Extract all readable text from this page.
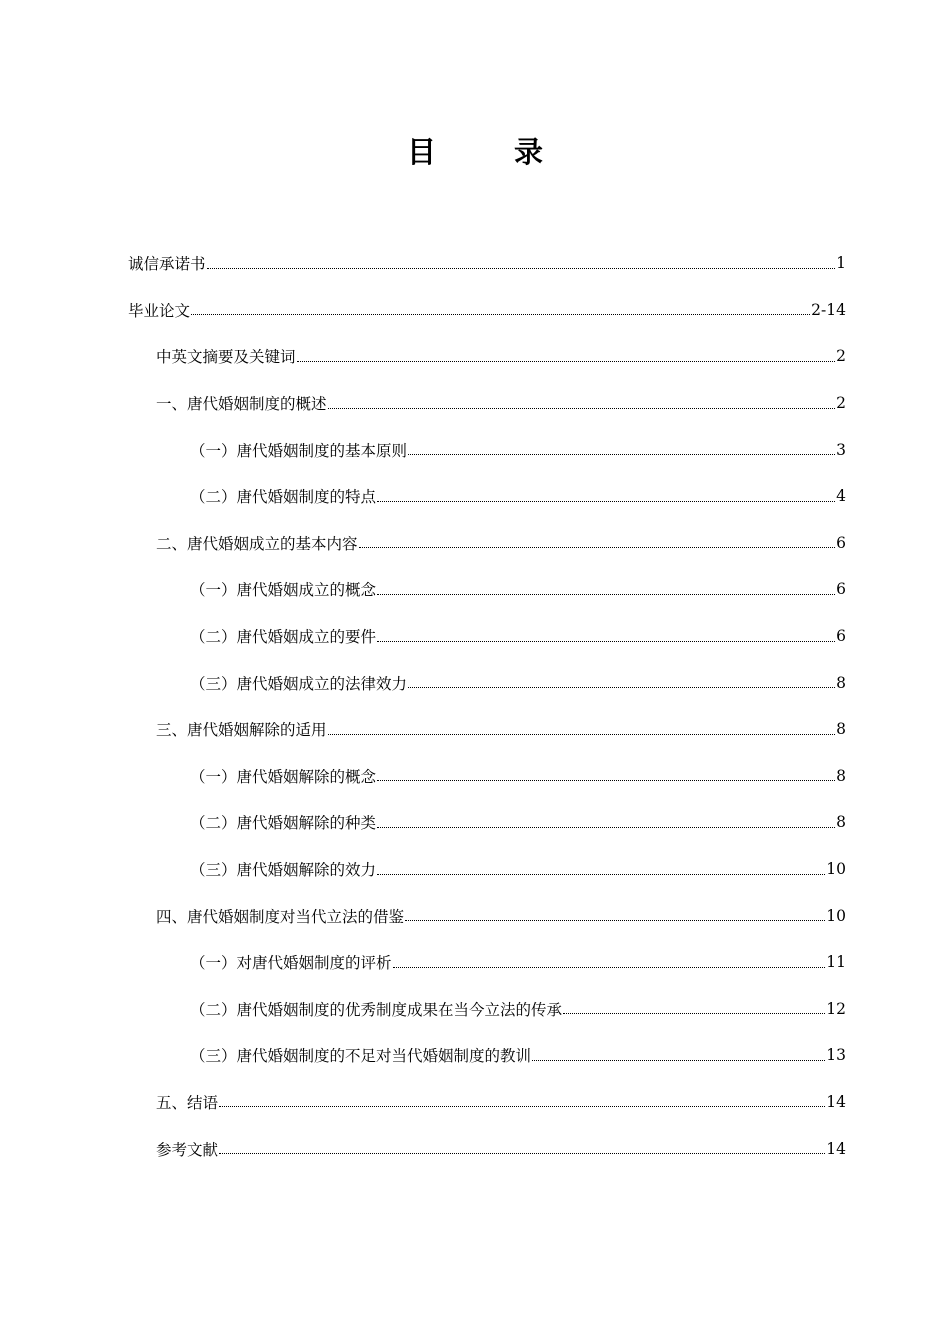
目 录
诚信承诺书	1
毕业论文	2-14
中英文摘要及关键词	2
一、唐代婚姻制度的概述	2
（一）唐代婚姻制度的基本原则	3
（二）唐代婚姻制度的特点	4
二、唐代婚姻成立的基本内容	6
（一）唐代婚姻成立的概念	6
（二）唐代婚姻成立的要件	6
（三）唐代婚姻成立的法律效力	8
三、唐代婚姻解除的适用	8
（一）唐代婚姻解除的概念	8
（二）唐代婚姻解除的种类	8
（三）唐代婚姻解除的效力	10
四、唐代婚姻制度对当代立法的借鉴	10
（一）对唐代婚姻制度的评析	11
（二）唐代婚姻制度的优秀制度成果在当今立法的传承	12
（三）唐代婚姻制度的不足对当代婚姻制度的教训	13
五、结语	14
参考文献	14
